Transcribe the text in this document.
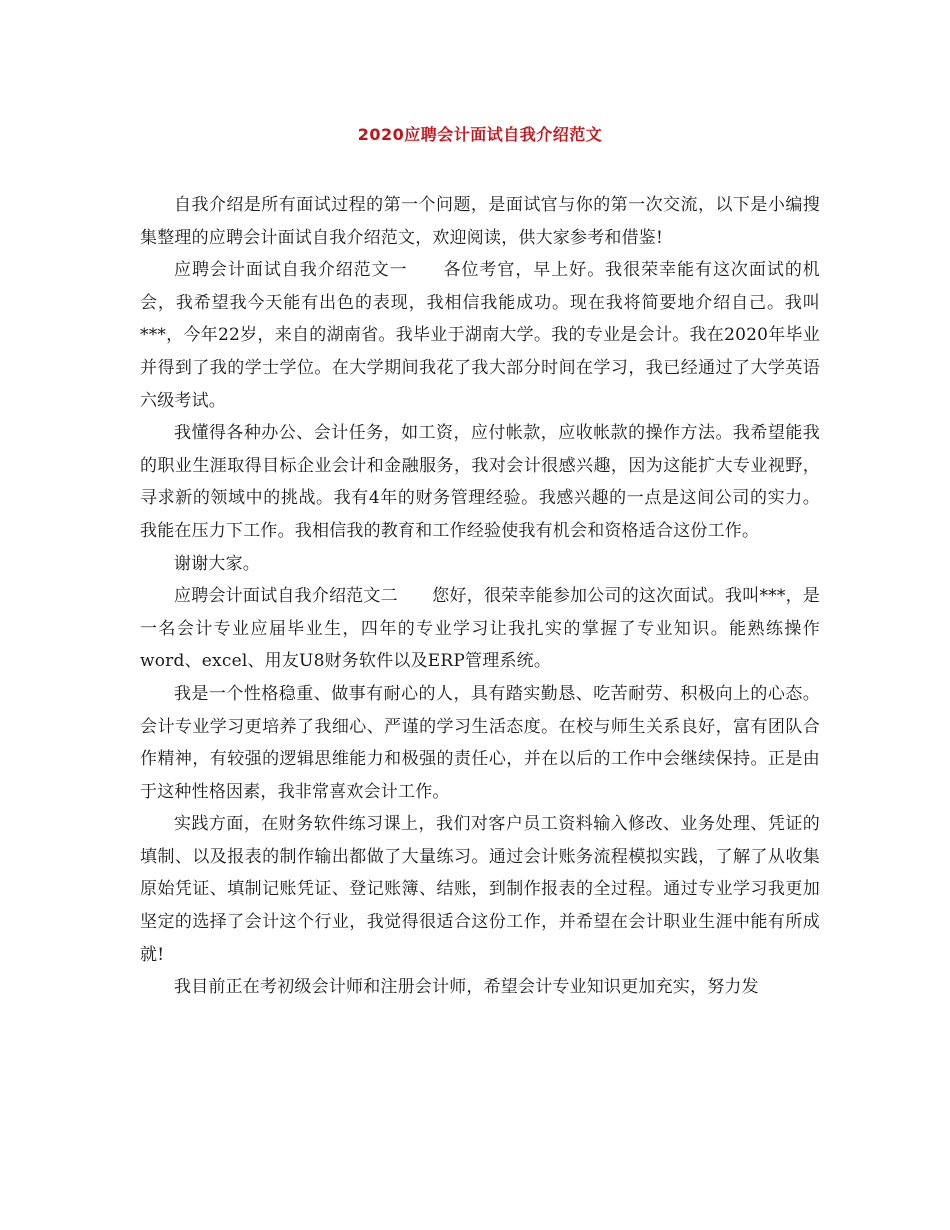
2020应聘会计面试自我介绍范文

自我介绍是所有面试过程的第一个问题，是面试官与你的第一次交流，以下是小编搜集整理的应聘会计面试自我介绍范文，欢迎阅读，供大家参考和借鉴!

应聘会计面试自我介绍范文一　　各位考官，早上好。我很荣幸能有这次面试的机会，我希望我今天能有出色的表现，我相信我能成功。现在我将简要地介绍自己。我叫***，今年22岁，来自的湖南省。我毕业于湖南大学。我的专业是会计。我在2020年毕业并得到了我的学士学位。在大学期间我花了我大部分时间在学习，我已经通过了大学英语六级考试。

我懂得各种办公、会计任务，如工资，应付帐款，应收帐款的操作方法。我希望能我的职业生涯取得目标企业会计和金融服务，我对会计很感兴趣，因为这能扩大专业视野，寻求新的领域中的挑战。我有4年的财务管理经验。我感兴趣的一点是这间公司的实力。我能在压力下工作。我相信我的教育和工作经验使我有机会和资格适合这份工作。

谢谢大家。

应聘会计面试自我介绍范文二　　您好，很荣幸能参加公司的这次面试。我叫***，是一名会计专业应届毕业生，四年的专业学习让我扎实的掌握了专业知识。能熟练操作word、excel、用友U8财务软件以及ERP管理系统。

我是一个性格稳重、做事有耐心的人，具有踏实勤恳、吃苦耐劳、积极向上的心态。会计专业学习更培养了我细心、严谨的学习生活态度。在校与师生关系良好，富有团队合作精神，有较强的逻辑思维能力和极强的责任心，并在以后的工作中会继续保持。正是由于这种性格因素，我非常喜欢会计工作。

实践方面，在财务软件练习课上，我们对客户员工资料输入修改、业务处理、凭证的填制、以及报表的制作输出都做了大量练习。通过会计账务流程模拟实践，了解了从收集原始凭证、填制记账凭证、登记账簿、结账，到制作报表的全过程。通过专业学习我更加坚定的选择了会计这个行业，我觉得很适合这份工作，并希望在会计职业生涯中能有所成就!

我目前正在考初级会计师和注册会计师，希望会计专业知识更加充实，努力发
